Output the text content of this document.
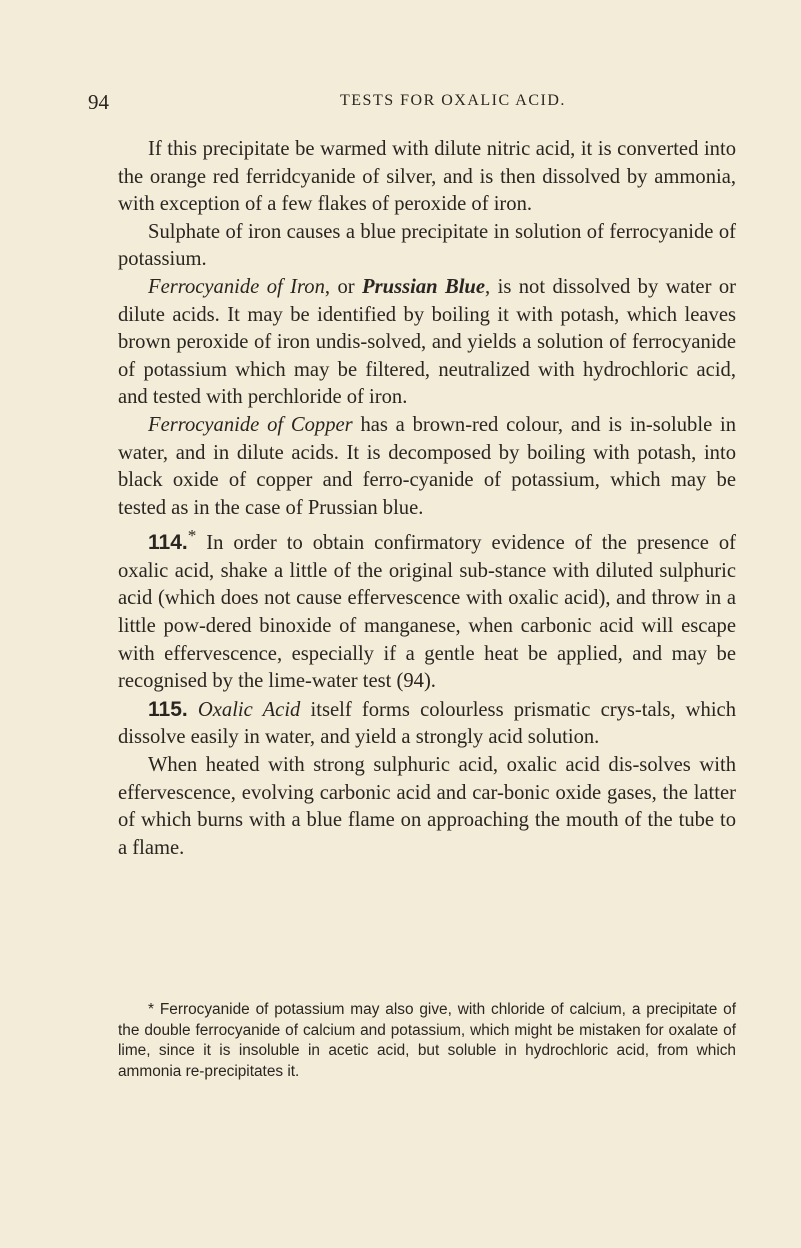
94	TESTS FOR OXALIC ACID.

If this precipitate be warmed with dilute nitric acid, it is converted into the orange red ferridcyanide of silver, and is then dissolved by ammonia, with exception of a few flakes of peroxide of iron.

Sulphate of iron causes a blue precipitate in solution of ferrocyanide of potassium.

Ferrocyanide of Iron, or Prussian Blue, is not dissolved by water or dilute acids. It may be identified by boiling it with potash, which leaves brown peroxide of iron undis-solved, and yields a solution of ferrocyanide of potassium which may be filtered, neutralized with hydrochloric acid, and tested with perchloride of iron.

Ferrocyanide of Copper has a brown-red colour, and is in-soluble in water, and in dilute acids. It is decomposed by boiling with potash, into black oxide of copper and ferro-cyanide of potassium, which may be tested as in the case of Prussian blue.

114.* In order to obtain confirmatory evidence of the presence of oxalic acid, shake a little of the original sub-stance with diluted sulphuric acid (which does not cause effervescence with oxalic acid), and throw in a little pow-dered binoxide of manganese, when carbonic acid will escape with effervescence, especially if a gentle heat be applied, and may be recognised by the lime-water test (94).

115. Oxalic Acid itself forms colourless prismatic crys-tals, which dissolve easily in water, and yield a strongly acid solution.

When heated with strong sulphuric acid, oxalic acid dis-solves with effervescence, evolving carbonic acid and car-bonic oxide gases, the latter of which burns with a blue flame on approaching the mouth of the tube to a flame.

* Ferrocyanide of potassium may also give, with chloride of calcium, a precipitate of the double ferrocyanide of calcium and potassium, which might be mistaken for oxalate of lime, since it is insoluble in acetic acid, but soluble in hydrochloric acid, from which ammonia re-precipitates it.
